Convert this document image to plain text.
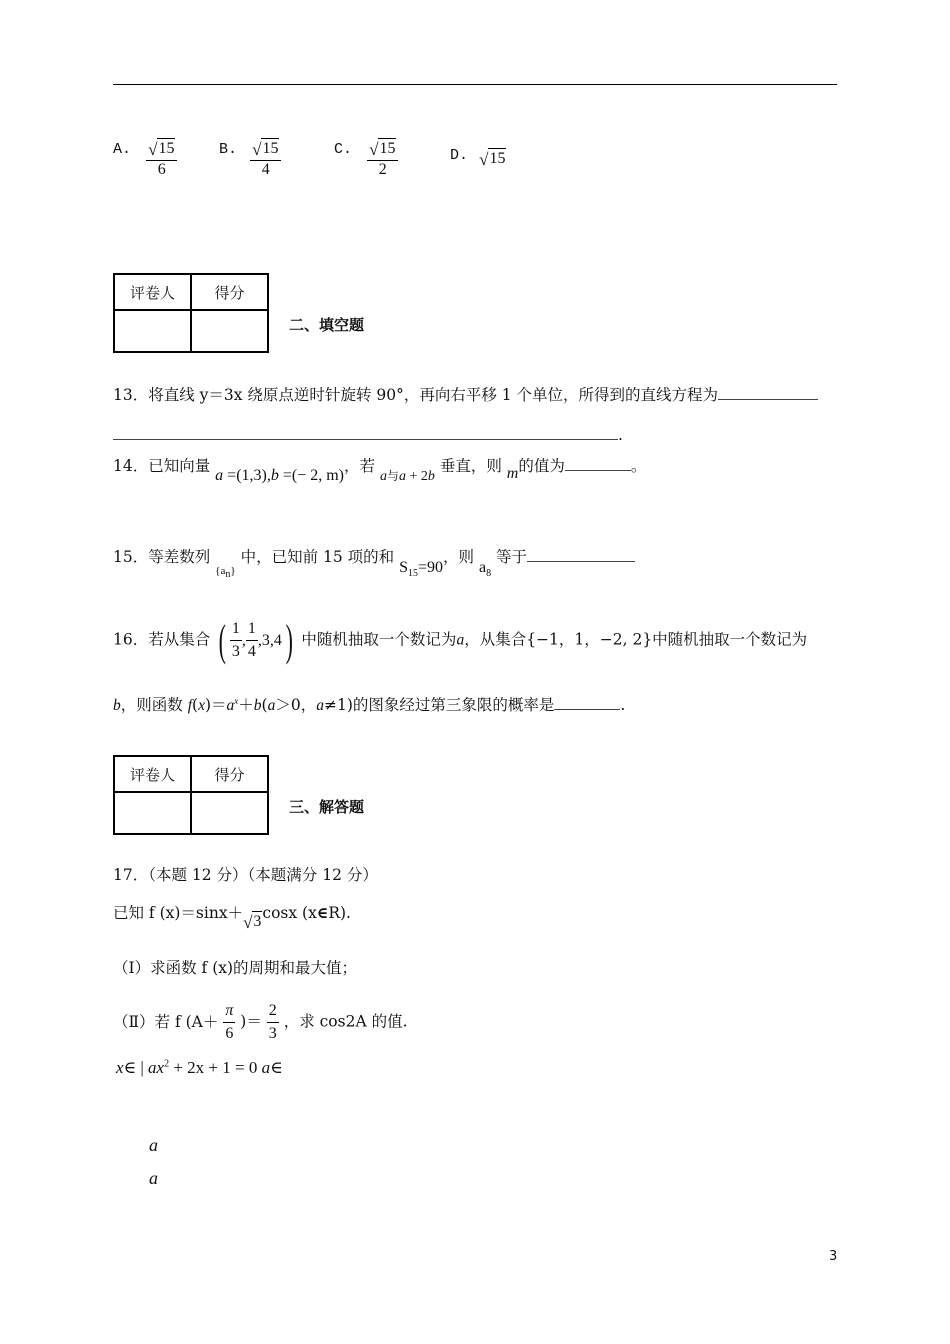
A. $\frac{√ 15}{6}$	B. $\frac{√ 15}{4}$	C. $\frac{√ 15}{2}$	D. √ 15
评卷人	得分

二、填空题
13．将直线 y＝3x 绕原点逆时针旋转 90°，再向右平移 1 个单位，所得到的直线方程为
.
14．已知向量 a =(1,3),b =(− 2, m)，若 a与a + 2b 垂直，则 m的值为	。
15．等差数列 $_{\{a_n\}}$ 中，已知前 15 项的和 $S_{15}=90$，则 $a_8$ 等于
16．若从集合 ( $\frac{1}{3}$ , $\frac{1}{4} ,3,4$ ) 中随机抽取一个数记为a，从集合{−1，1，−2, 2}中随机抽取一个数记为
b，则函数 $f(x)=a^x+b(a>0$，a≠1)的图象经过第三象限的概率是	.
评卷人	得分

三、解答题
17．（本题 12 分）（本题满分 12 分）
已知 f (x)＝sinx＋ √ 3 cosx (x∈R).
（Ⅰ）求函数 f (x)的周期和最大值；
（Ⅱ）若 f ($A+ \frac{\pi}{6}$ )＝ $\frac{2}{3}$ ，求 cos2A 的值.
x∈ | $ax^2 + 2x + 1 = 0$ a∈
a
a
3
